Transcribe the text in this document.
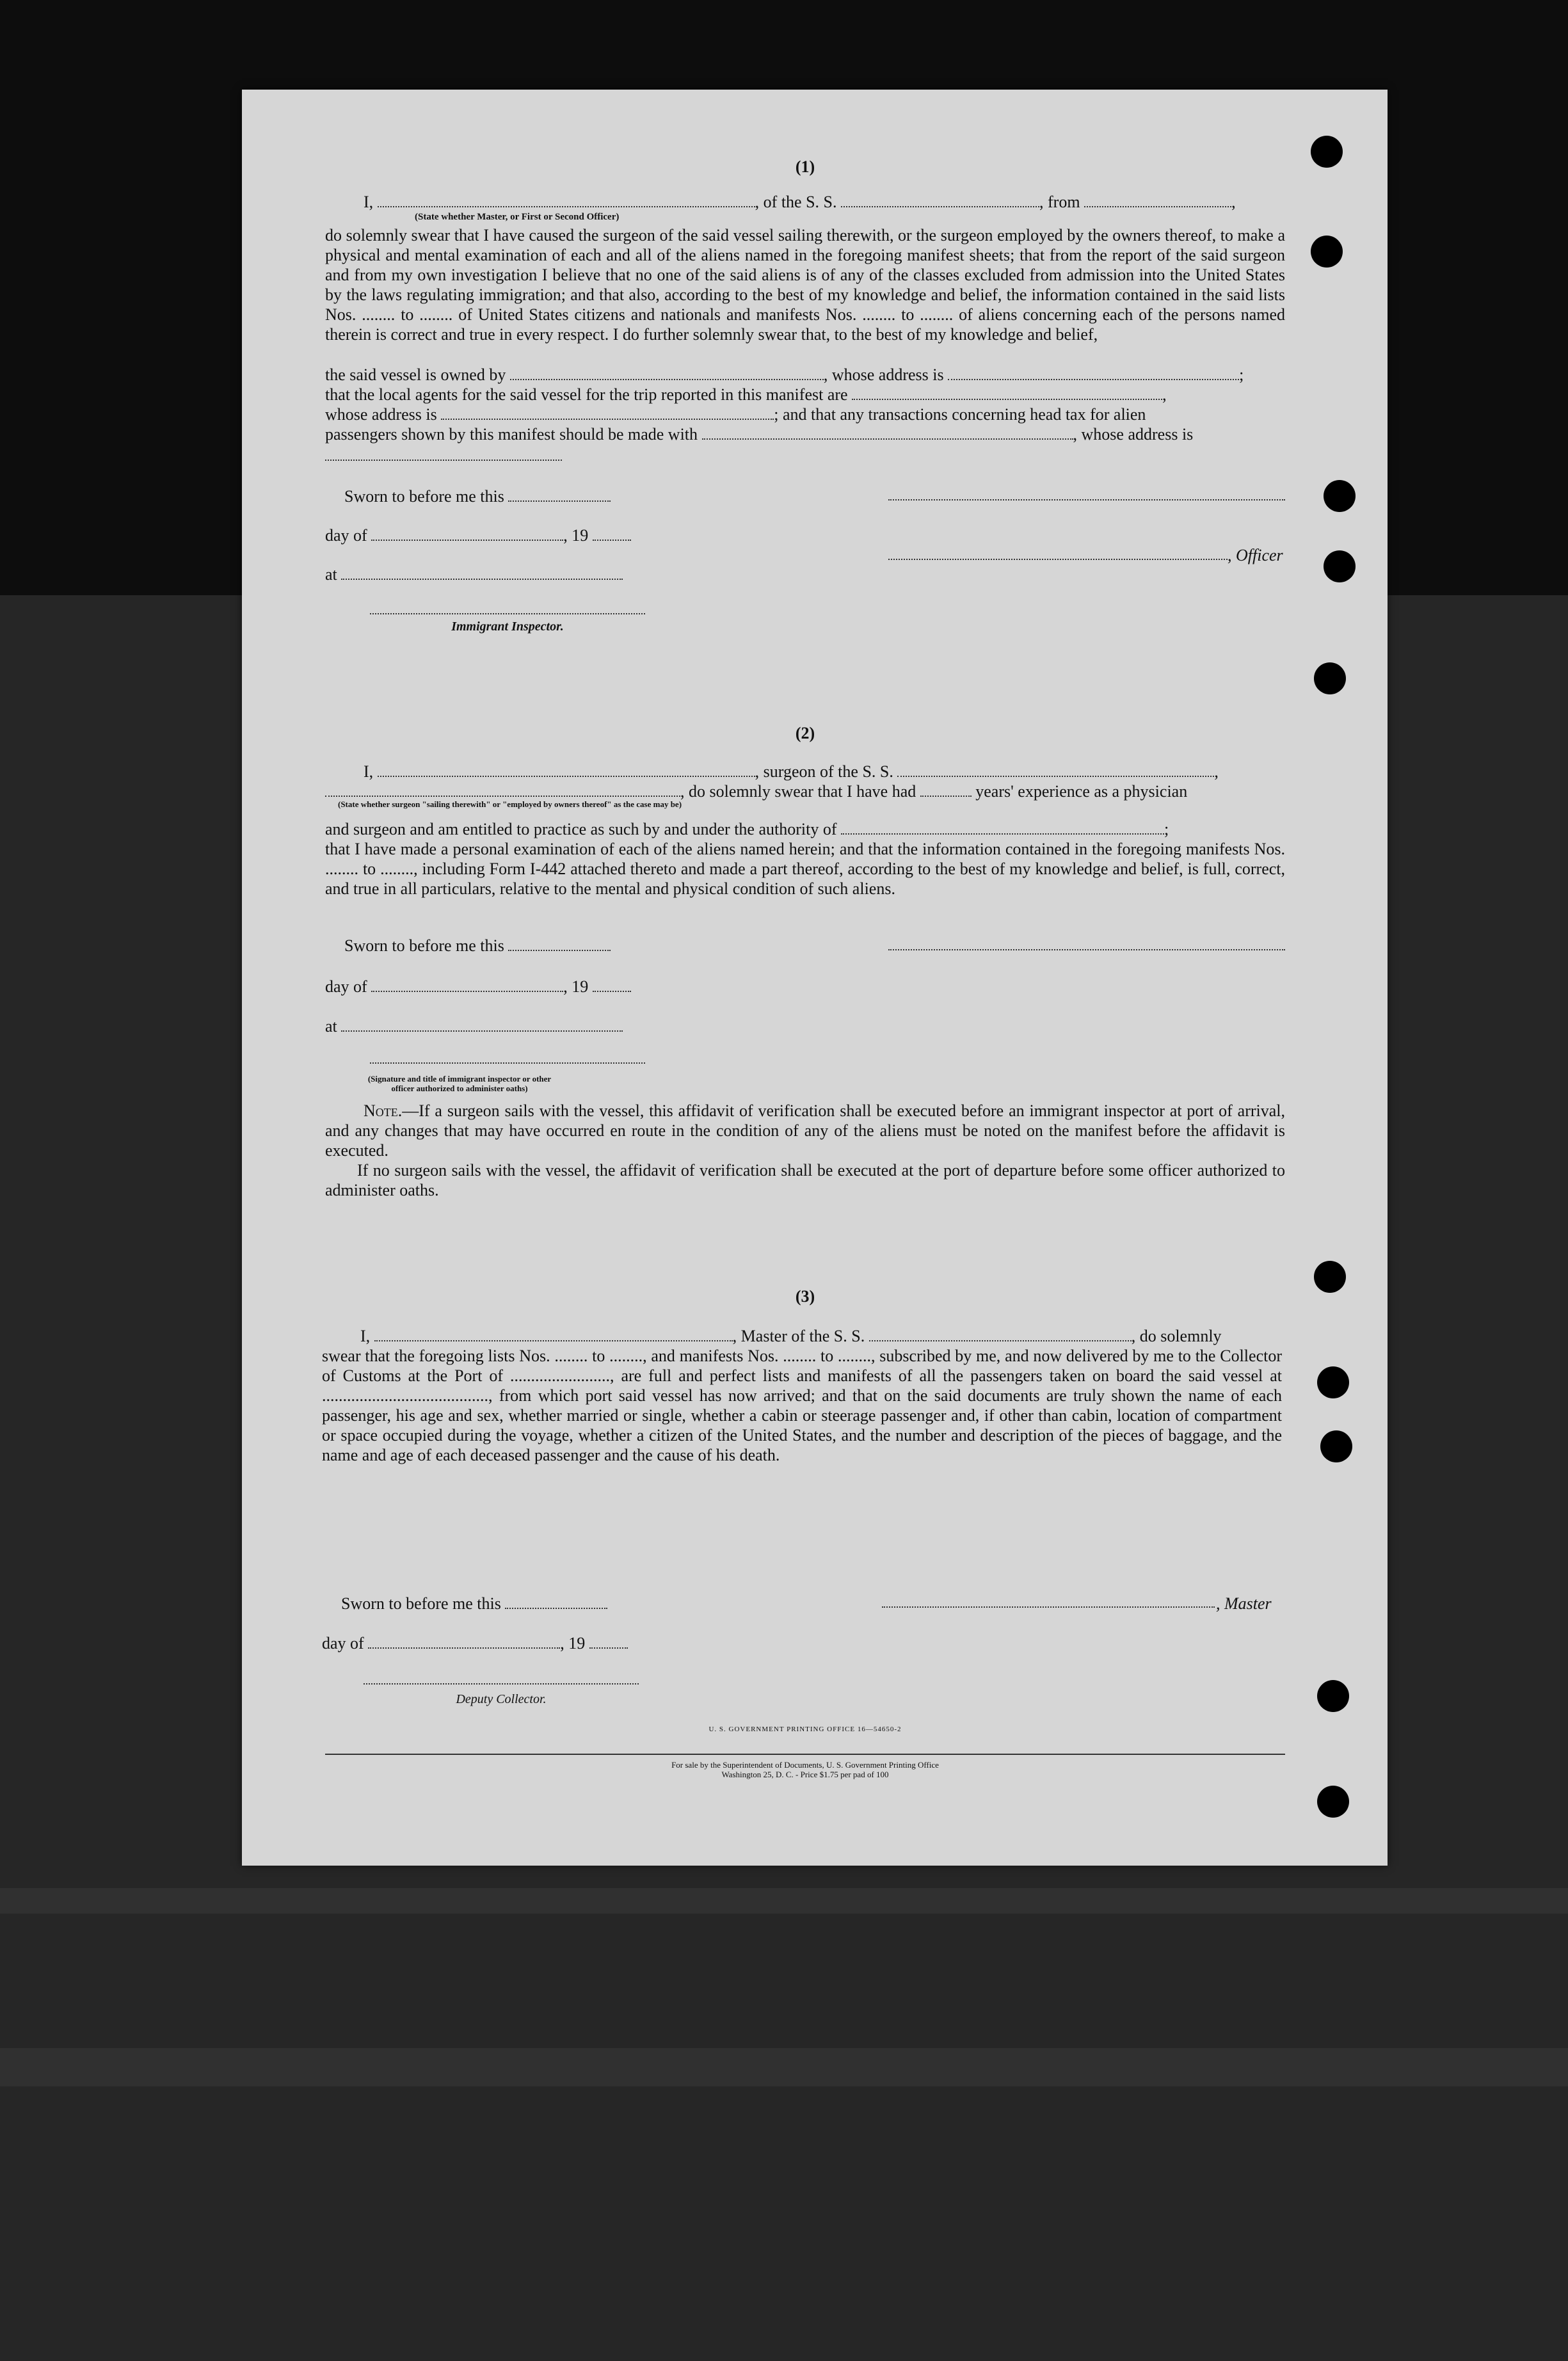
(1)
I,	, of the S. S.	, from	,
(State whether Master, or First or Second Officer)
do solemnly swear that I have caused the surgeon of the said vessel sailing therewith, or the surgeon employed by the owners thereof, to make a physical and mental examination of each and all of the aliens named in the foregoing manifest sheets; that from the report of the said surgeon and from my own investigation I believe that no one of the said aliens is of any of the classes excluded from admission into the United States by the laws regulating immigration; and that also, according to the best of my knowledge and belief, the information contained in the said lists Nos. ........ to ........ of United States citizens and nationals and manifests Nos. ........ to ........ of aliens concerning each of the persons named therein is correct and true in every respect. I do further solemnly swear that, to the best of my knowledge and belief,
the said vessel is owned by	, whose address is	;
that the local agents for the said vessel for the trip reported in this manifest are	,
whose address is	; and that any transactions concerning head tax for alien
passengers shown by this manifest should be made with	, whose address is
Sworn to before me this
day of	, 19
, Officer
at
Immigrant Inspector.
(2)
I,	, surgeon of the S. S.	,
, do solemnly swear that I have had	years' experience as a physician
(State whether surgeon "sailing therewith" or "employed by owners thereof" as the case may be)
and surgeon and am entitled to practice as such by and under the authority of	;
that I have made a personal examination of each of the aliens named herein; and that the information contained in the foregoing manifests Nos. ........ to ........, including Form I-442 attached thereto and made a part thereof, according to the best of my knowledge and belief, is full, correct, and true in all particulars, relative to the mental and physical condition of such aliens.
Sworn to before me this
day of	, 19
at
(Signature and title of immigrant inspector or other officer authorized to administer oaths)
Note.—If a surgeon sails with the vessel, this affidavit of verification shall be executed before an immigrant inspector at port of arrival, and any changes that may have occurred en route in the condition of any of the aliens must be noted on the manifest before the affidavit is executed.
If no surgeon sails with the vessel, the affidavit of verification shall be executed at the port of departure before some officer authorized to administer oaths.
(3)
I,	, Master of the S. S.	, do solemnly
swear that the foregoing lists Nos. ........ to ........, and manifests Nos. ........ to ........, subscribed by me, and now delivered by me to the Collector of Customs at the Port of ........................, are full and perfect lists and manifests of all the passengers taken on board the said vessel at ........................................, from which port said vessel has now arrived; and that on the said documents are truly shown the name of each passenger, his age and sex, whether married or single, whether a cabin or steerage passenger and, if other than cabin, location of compartment or space occupied during the voyage, whether a citizen of the United States, and the number and description of the pieces of baggage, and the name and age of each deceased passenger and the cause of his death.
Sworn to before me this	, Master
day of	, 19
Deputy Collector.
U. S. GOVERNMENT PRINTING OFFICE 16—54650-2
For sale by the Superintendent of Documents, U. S. Government Printing Office
Washington 25, D. C. - Price $1.75 per pad of 100
